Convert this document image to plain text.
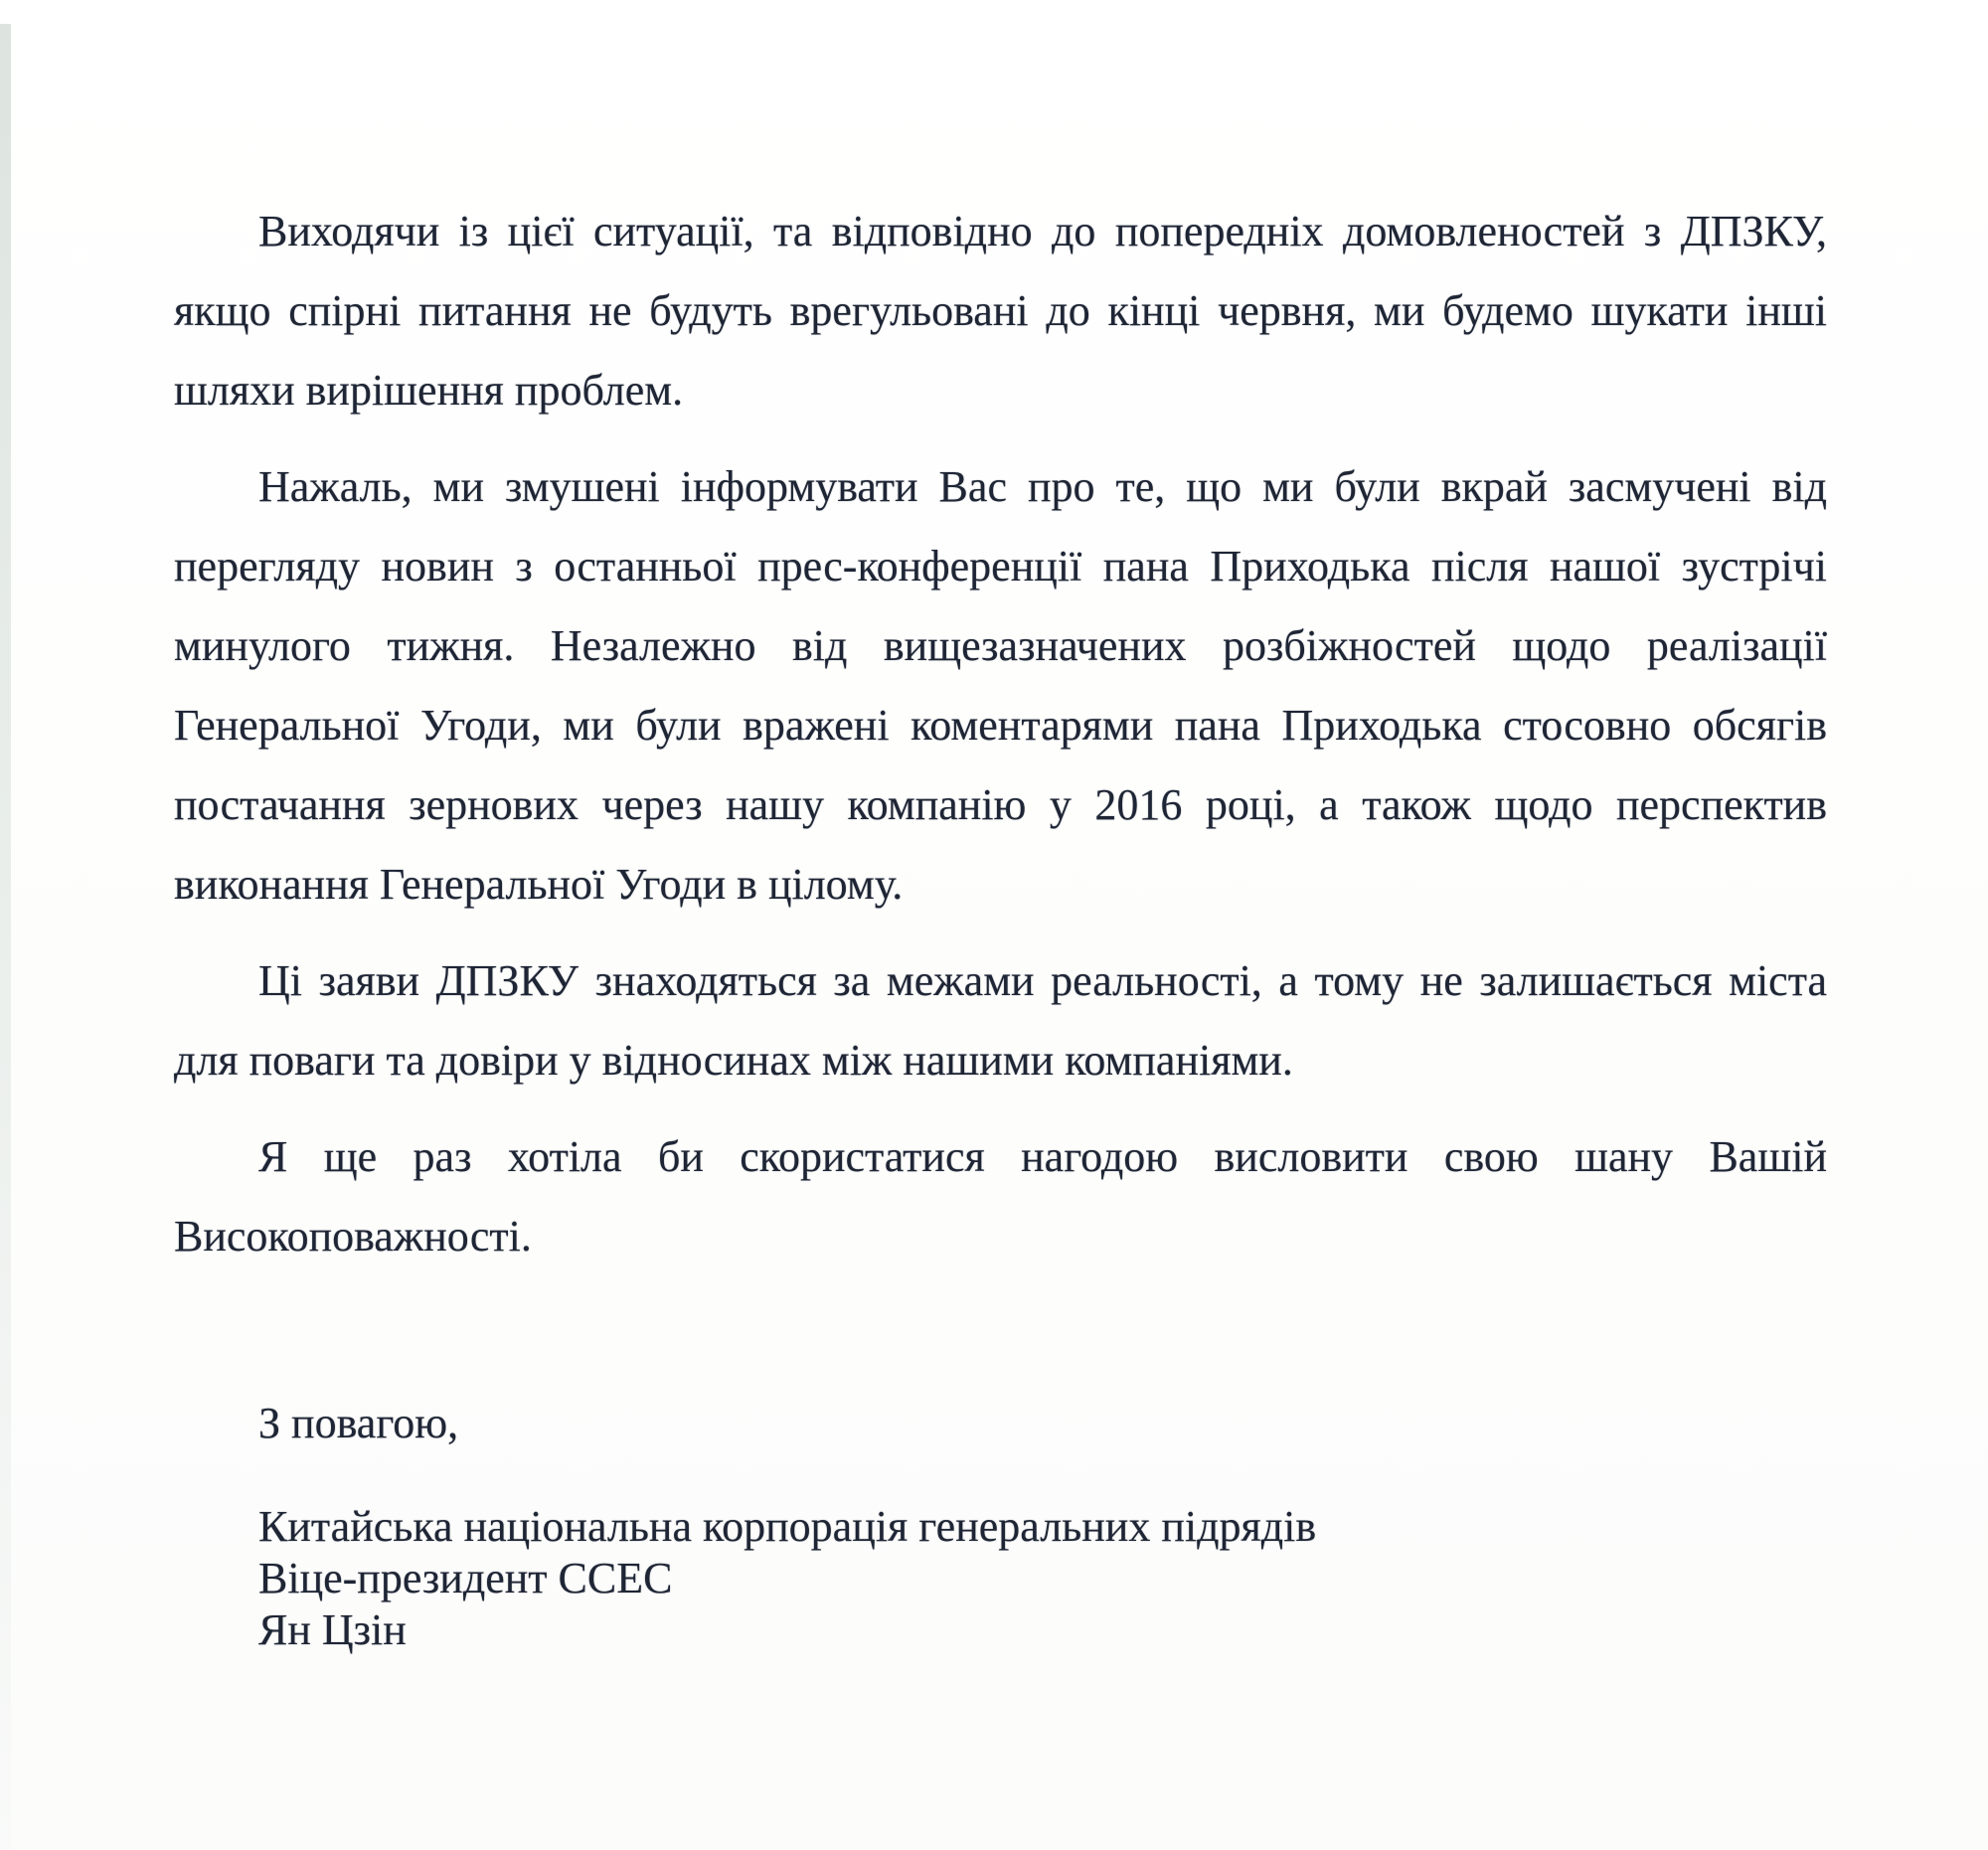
Виходячи із цієї ситуації, та відповідно до попередніх домовленостей з ДПЗКУ, якщо спірні питання не будуть врегульовані до кінці червня, ми будемо шукати інші шляхи вирішення проблем.

Нажаль, ми змушені інформувати Вас про те, що ми були вкрай засмучені від перегляду новин з останньої прес-конференції пана Приходька після нашої зустрічі минулого тижня. Незалежно від вищезазначених розбіжностей щодо реалізації Генеральної Угоди, ми були вражені коментарями пана Приходька стосовно обсягів постачання зернових через нашу компанію у 2016 році, а також щодо перспектив виконання Генеральної Угоди в цілому.

Ці заяви ДПЗКУ знаходяться за межами реальності, а тому не залишається міста для поваги та довіри у відносинах між нашими компаніями.

Я ще раз хотіла би скористатися нагодою висловити свою шану Вашій Високоповажності.

З повагою,

Китайська національна корпорація генеральних підрядів
Віце-президент ССЕС
Ян Цзін
